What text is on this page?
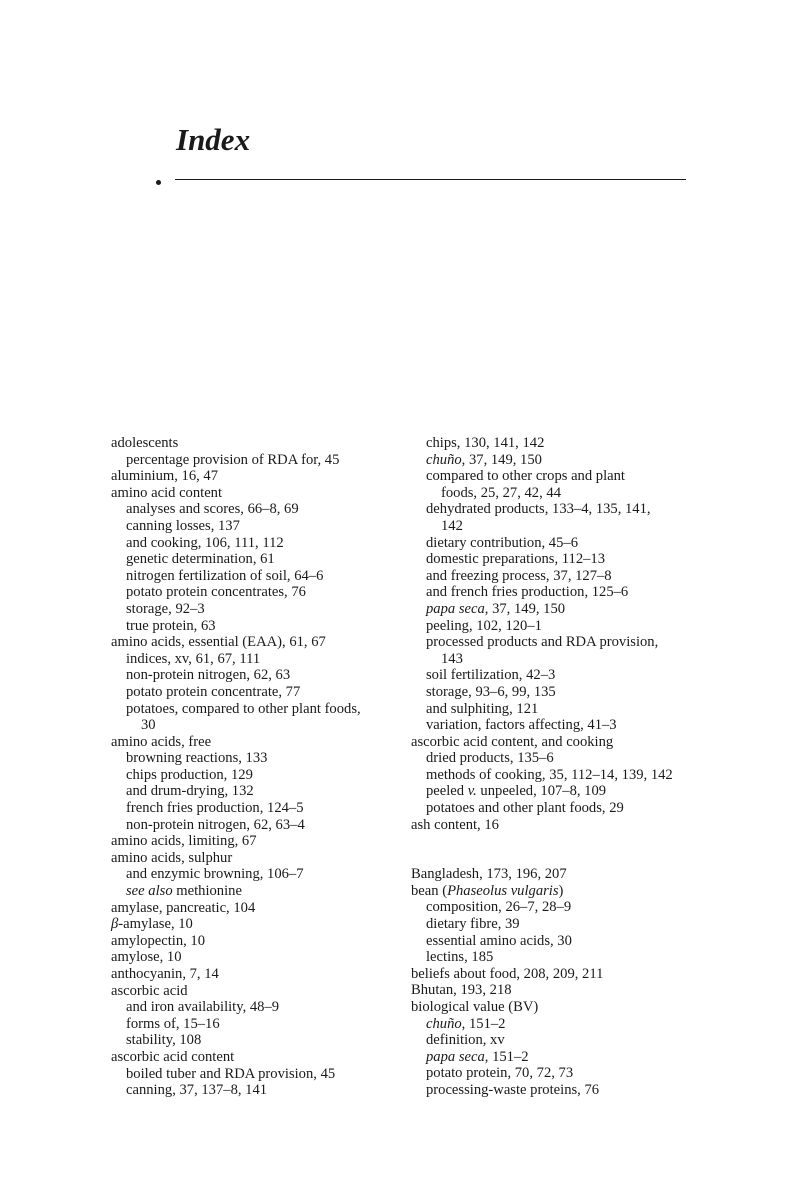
Index
adolescents
percentage provision of RDA for, 45
aluminium, 16, 47
amino acid content
analyses and scores, 66–8, 69
canning losses, 137
and cooking, 106, 111, 112
genetic determination, 61
nitrogen fertilization of soil, 64–6
potato protein concentrates, 76
storage, 92–3
true protein, 63
amino acids, essential (EAA), 61, 67
indices, xv, 61, 67, 111
non-protein nitrogen, 62, 63
potato protein concentrate, 77
potatoes, compared to other plant foods,
30
amino acids, free
browning reactions, 133
chips production, 129
and drum-drying, 132
french fries production, 124–5
non-protein nitrogen, 62, 63–4
amino acids, limiting, 67
amino acids, sulphur
and enzymic browning, 106–7
see also methionine
amylase, pancreatic, 104
β-amylase, 10
amylopectin, 10
amylose, 10
anthocyanin, 7, 14
ascorbic acid
and iron availability, 48–9
forms of, 15–16
stability, 108
ascorbic acid content
boiled tuber and RDA provision, 45
canning, 37, 137–8, 141
chips, 130, 141, 142
chuño, 37, 149, 150
compared to other crops and plant
foods, 25, 27, 42, 44
dehydrated products, 133–4, 135, 141,
142
dietary contribution, 45–6
domestic preparations, 112–13
and freezing process, 37, 127–8
and french fries production, 125–6
papa seca, 37, 149, 150
peeling, 102, 120–1
processed products and RDA provision,
143
soil fertilization, 42–3
storage, 93–6, 99, 135
and sulphiting, 121
variation, factors affecting, 41–3
ascorbic acid content, and cooking
dried products, 135–6
methods of cooking, 35, 112–14, 139, 142
peeled v. unpeeled, 107–8, 109
potatoes and other plant foods, 29
ash content, 16
Bangladesh, 173, 196, 207
bean (Phaseolus vulgaris)
composition, 26–7, 28–9
dietary fibre, 39
essential amino acids, 30
lectins, 185
beliefs about food, 208, 209, 211
Bhutan, 193, 218
biological value (BV)
chuño, 151–2
definition, xv
papa seca, 151–2
potato protein, 70, 72, 73
processing-waste proteins, 76
